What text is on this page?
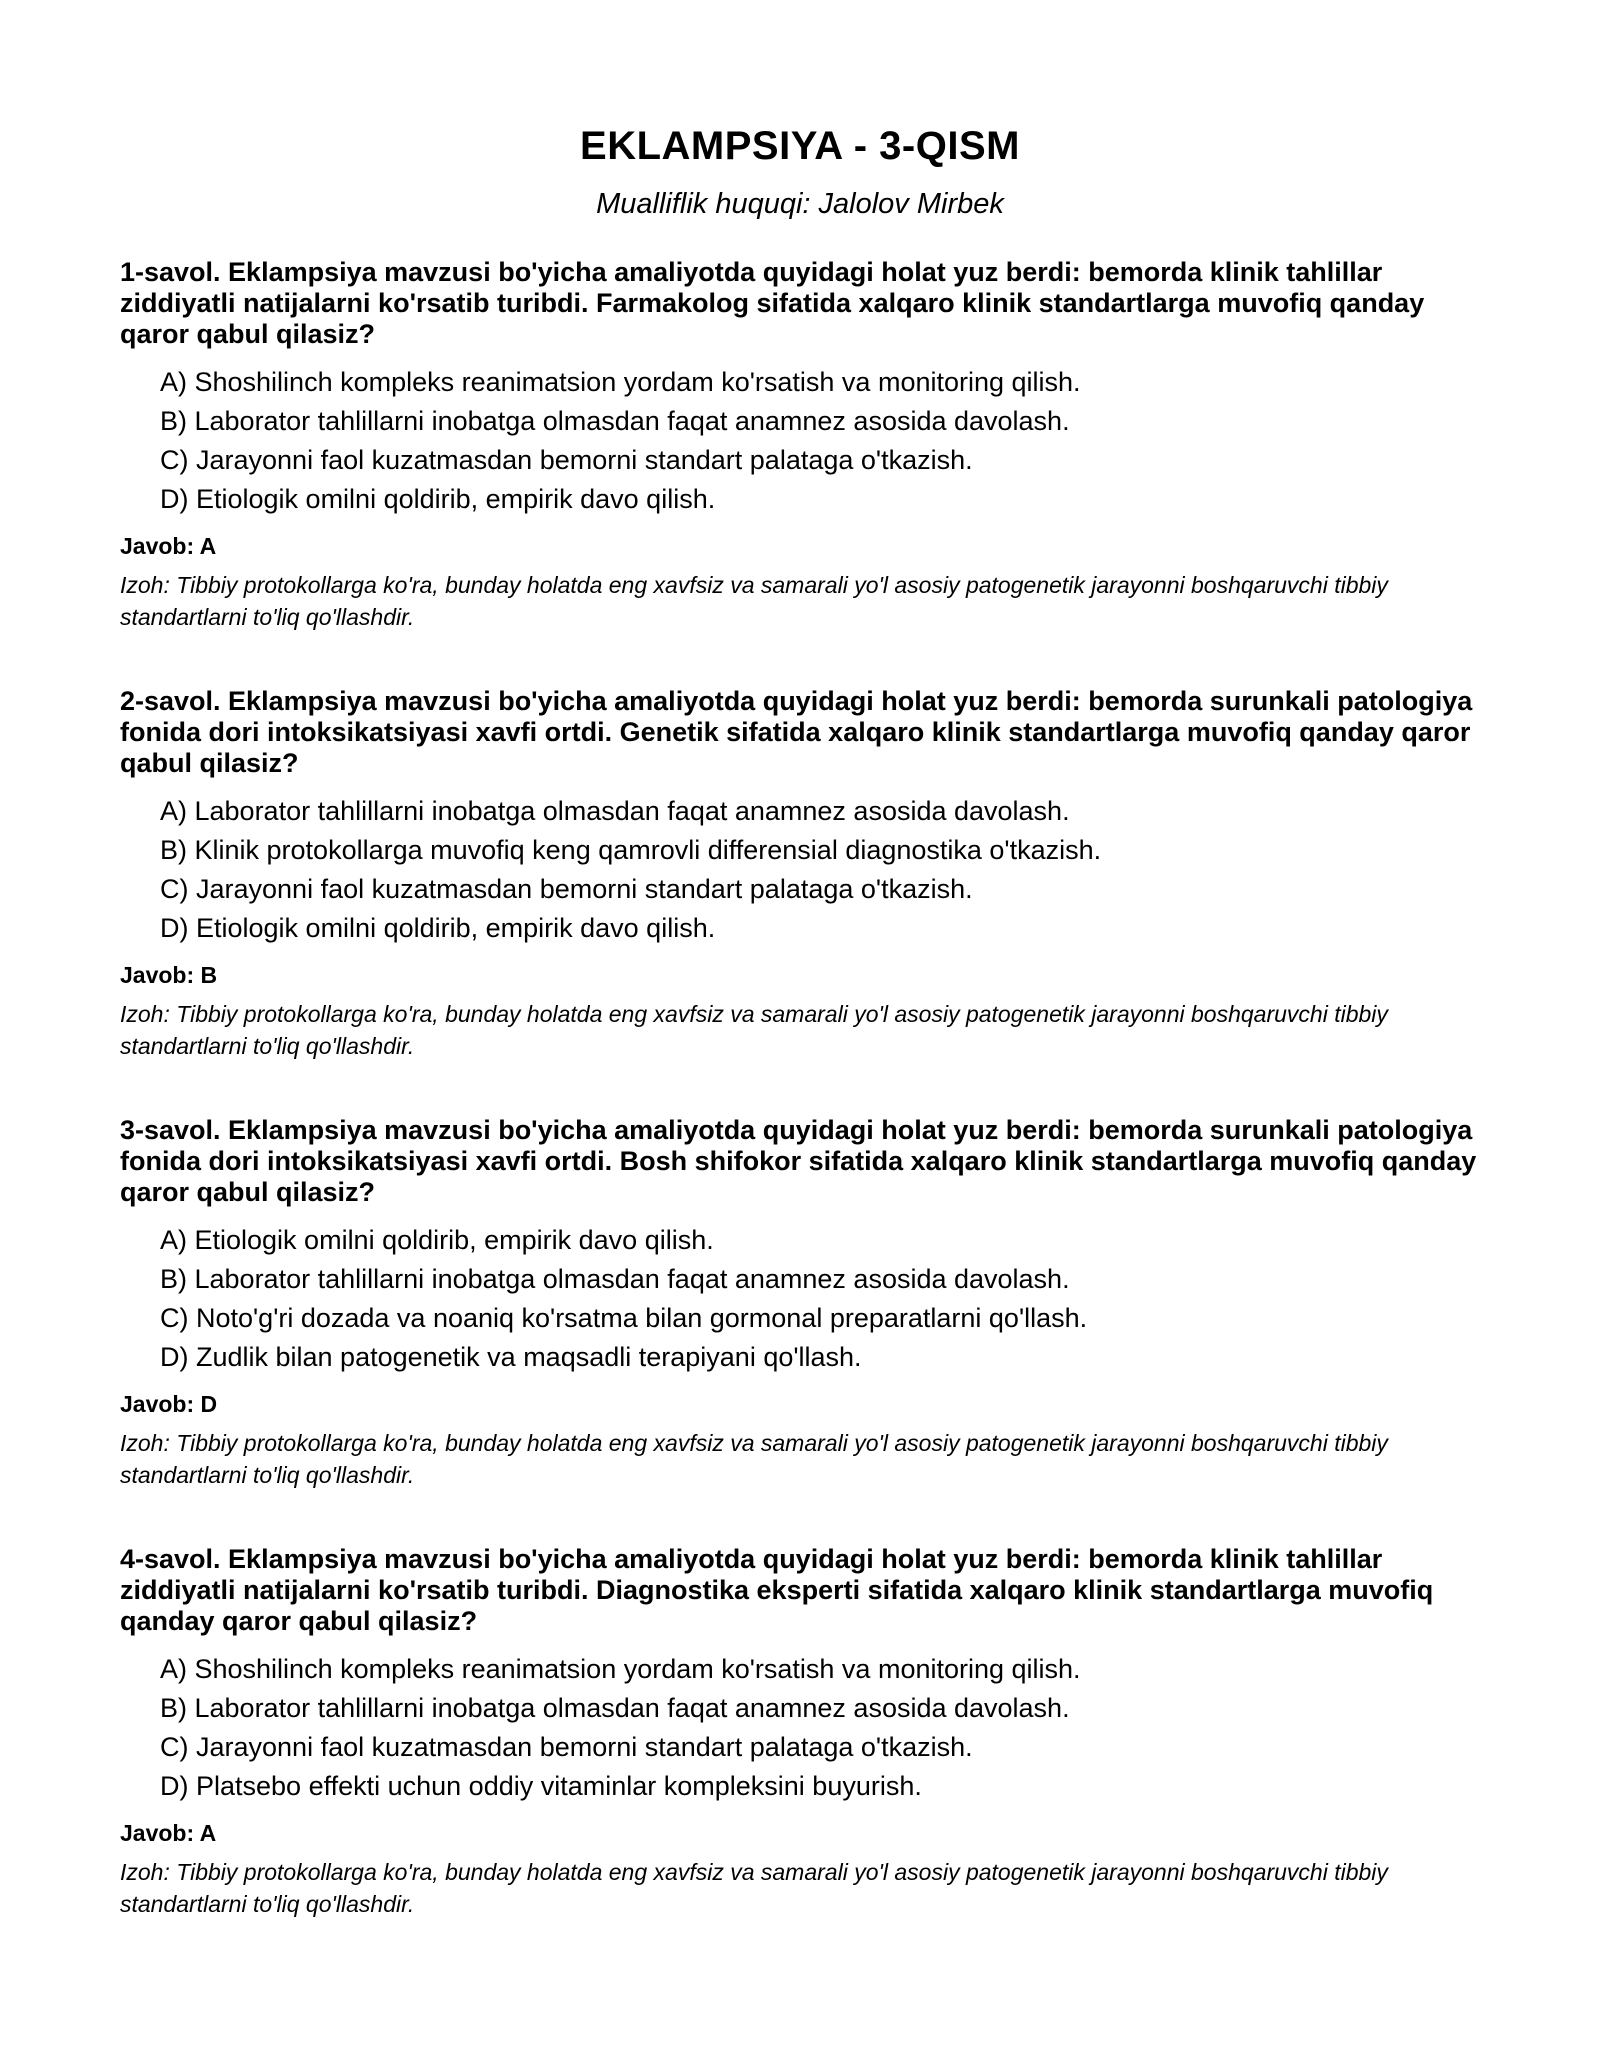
EKLAMPSIYA - 3-QISM

Mualliflik huquqi: Jalolov Mirbek

1-savol. Eklampsiya mavzusi bo'yicha amaliyotda quyidagi holat yuz berdi: bemorda klinik tahlillar ziddiyatli natijalarni ko'rsatib turibdi. Farmakolog sifatida xalqaro klinik standartlarga muvofiq qanday qaror qabul qilasiz?

A) Shoshilinch kompleks reanimatsion yordam ko'rsatish va monitoring qilish.
B) Laborator tahlillarni inobatga olmasdan faqat anamnez asosida davolash.
C) Jarayonni faol kuzatmasdan bemorni standart palataga o'tkazish.
D) Etiologik omilni qoldirib, empirik davo qilish.

Javob: A

Izoh: Tibbiy protokollarga ko'ra, bunday holatda eng xavfsiz va samarali yo'l asosiy patogenetik jarayonni boshqaruvchi tibbiy standartlarni to'liq qo'llashdir.

2-savol. Eklampsiya mavzusi bo'yicha amaliyotda quyidagi holat yuz berdi: bemorda surunkali patologiya fonida dori intoksikatsiyasi xavfi ortdi. Genetik sifatida xalqaro klinik standartlarga muvofiq qanday qaror qabul qilasiz?

A) Laborator tahlillarni inobatga olmasdan faqat anamnez asosida davolash.
B) Klinik protokollarga muvofiq keng qamrovli differensial diagnostika o'tkazish.
C) Jarayonni faol kuzatmasdan bemorni standart palataga o'tkazish.
D) Etiologik omilni qoldirib, empirik davo qilish.

Javob: B

Izoh: Tibbiy protokollarga ko'ra, bunday holatda eng xavfsiz va samarali yo'l asosiy patogenetik jarayonni boshqaruvchi tibbiy standartlarni to'liq qo'llashdir.

3-savol. Eklampsiya mavzusi bo'yicha amaliyotda quyidagi holat yuz berdi: bemorda surunkali patologiya fonida dori intoksikatsiyasi xavfi ortdi. Bosh shifokor sifatida xalqaro klinik standartlarga muvofiq qanday qaror qabul qilasiz?

A) Etiologik omilni qoldirib, empirik davo qilish.
B) Laborator tahlillarni inobatga olmasdan faqat anamnez asosida davolash.
C) Noto'g'ri dozada va noaniq ko'rsatma bilan gormonal preparatlarni qo'llash.
D) Zudlik bilan patogenetik va maqsadli terapiyani qo'llash.

Javob: D

Izoh: Tibbiy protokollarga ko'ra, bunday holatda eng xavfsiz va samarali yo'l asosiy patogenetik jarayonni boshqaruvchi tibbiy standartlarni to'liq qo'llashdir.

4-savol. Eklampsiya mavzusi bo'yicha amaliyotda quyidagi holat yuz berdi: bemorda klinik tahlillar ziddiyatli natijalarni ko'rsatib turibdi. Diagnostika eksperti sifatida xalqaro klinik standartlarga muvofiq qanday qaror qabul qilasiz?

A) Shoshilinch kompleks reanimatsion yordam ko'rsatish va monitoring qilish.
B) Laborator tahlillarni inobatga olmasdan faqat anamnez asosida davolash.
C) Jarayonni faol kuzatmasdan bemorni standart palataga o'tkazish.
D) Platsebo effekti uchun oddiy vitaminlar kompleksini buyurish.

Javob: A

Izoh: Tibbiy protokollarga ko'ra, bunday holatda eng xavfsiz va samarali yo'l asosiy patogenetik jarayonni boshqaruvchi tibbiy standartlarni to'liq qo'llashdir.
